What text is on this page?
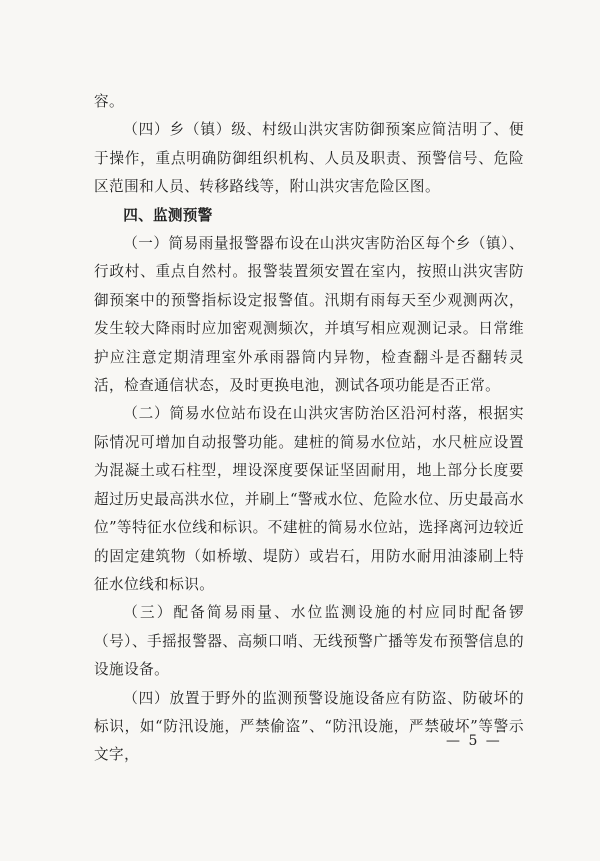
容。

（四）乡（镇）级、村级山洪灾害防御预案应简洁明了、便于操作，重点明确防御组织机构、人员及职责、预警信号、危险区范围和人员、转移路线等，附山洪灾害危险区图。

四、监测预警

（一）简易雨量报警器布设在山洪灾害防治区每个乡（镇）、行政村、重点自然村。报警装置须安置在室内，按照山洪灾害防御预案中的预警指标设定报警值。汛期有雨每天至少观测两次，发生较大降雨时应加密观测频次，并填写相应观测记录。日常维护应注意定期清理室外承雨器筒内异物，检查翻斗是否翻转灵活，检查通信状态，及时更换电池，测试各项功能是否正常。

（二）简易水位站布设在山洪灾害防治区沿河村落，根据实际情况可增加自动报警功能。建桩的简易水位站，水尺桩应设置为混凝土或石柱型，埋设深度要保证坚固耐用，地上部分长度要超过历史最高洪水位，并刷上“警戒水位、危险水位、历史最高水位”等特征水位线和标识。不建桩的简易水位站，选择离河边较近的固定建筑物（如桥墩、堤防）或岩石，用防水耐用油漆刷上特征水位线和标识。

（三）配备简易雨量、水位监测设施的村应同时配备锣（号）、手摇报警器、高频口哨、无线预警广播等发布预警信息的设施设备。

（四）放置于野外的监测预警设施设备应有防盗、防破坏的标识，如“防汛设施，严禁偷盗”、“防汛设施，严禁破坏”等警示文字，

— 5 —
